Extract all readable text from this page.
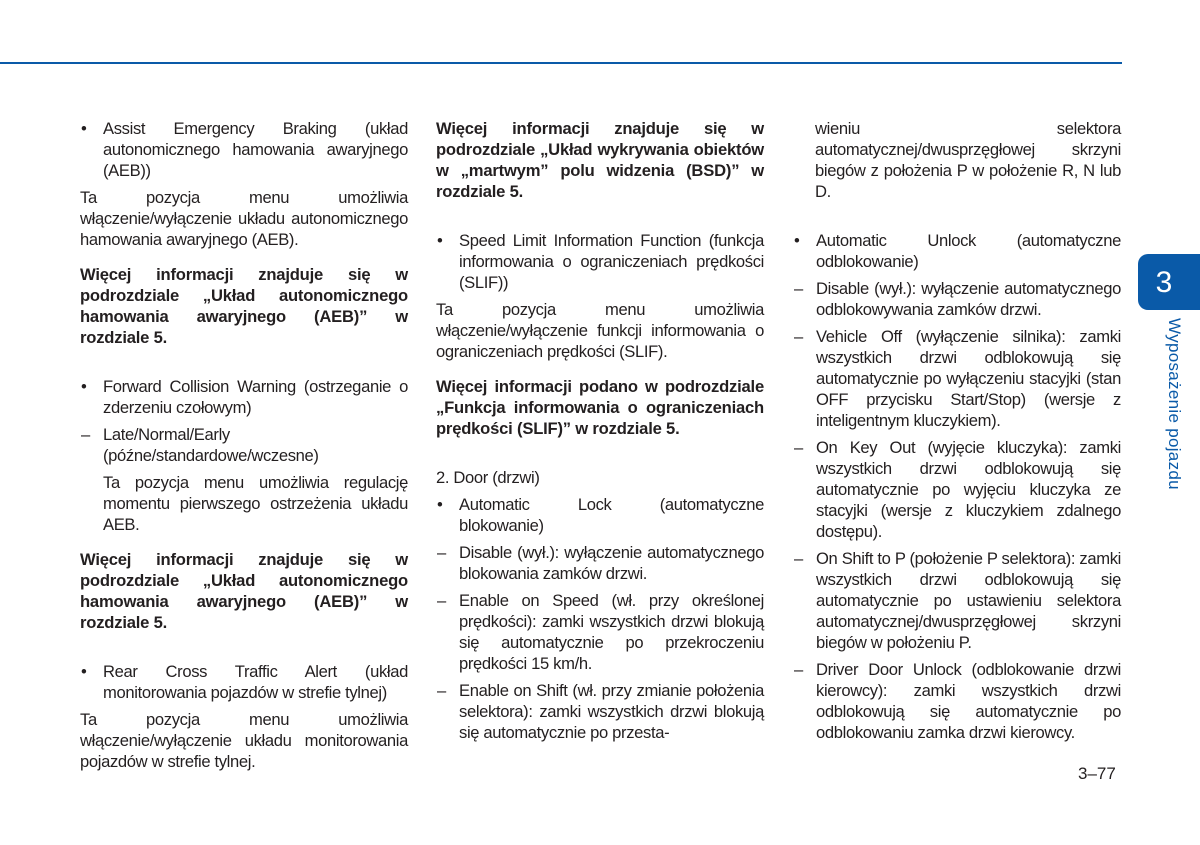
• Assist Emergency Braking (układ autonomicznego hamowania awaryjnego (AEB))
Ta pozycja menu umożliwia włączenie/wyłączenie układu autonomicznego hamowania awaryjnego (AEB).
Więcej informacji znajduje się w podrozdziale „Układ autonomicznego hamowania awaryjnego (AEB)” w rozdziale 5.
• Forward Collision Warning (ostrzeganie o zderzeniu czołowym)
– Late/Normal/Early (późne/standardowe/wczesne)
Ta pozycja menu umożliwia regulację momentu pierwszego ostrzeżenia układu AEB.
Więcej informacji znajduje się w podrozdziale „Układ autonomicznego hamowania awaryjnego (AEB)” w rozdziale 5.
• Rear Cross Traffic Alert (układ monitorowania pojazdów w strefie tylnej)
Ta pozycja menu umożliwia włączenie/wyłączenie układu monitorowania pojazdów w strefie tylnej.
Więcej informacji znajduje się w podrozdziale „Układ wykrywania obiektów w „martwym” polu widzenia (BSD)” w rozdziale 5.
• Speed Limit Information Function (funkcja informowania o ograniczeniach prędkości (SLIF))
Ta pozycja menu umożliwia włączenie/wyłączenie funkcji informowania o ograniczeniach prędkości (SLIF).
Więcej informacji podano w podrozdziale „Funkcja informowania o ograniczeniach prędkości (SLIF)” w rozdziale 5.
2. Door (drzwi)
• Automatic Lock (automatyczne blokowanie)
– Disable (wył.): wyłączenie automatycznego blokowania zamków drzwi.
– Enable on Speed (wł. przy określonej prędkości): zamki wszystkich drzwi blokują się automatycznie po przekroczeniu prędkości 15 km/h.
– Enable on Shift (wł. przy zmianie położenia selektora): zamki wszystkich drzwi blokują się automatycznie po przesta-
wieniu selektora automatycznej/dwusprzęgłowej skrzyni biegów z położenia P w położenie R, N lub D.
• Automatic Unlock (automatyczne odblokowanie)
– Disable (wył.): wyłączenie automatycznego odblokowywania zamków drzwi.
– Vehicle Off (wyłączenie silnika): zamki wszystkich drzwi odblokowują się automatycznie po wyłączeniu stacyjki (stan OFF przycisku Start/Stop) (wersje z inteligentnym kluczykiem).
– On Key Out (wyjęcie kluczyka): zamki wszystkich drzwi odblokowują się automatycznie po wyjęciu kluczyka ze stacyjki (wersje z kluczykiem zdalnego dostępu).
– On Shift to P (położenie P selektora): zamki wszystkich drzwi odblokowują się automatycznie po ustawieniu selektora automatycznej/dwusprzęgłowej skrzyni biegów w położeniu P.
– Driver Door Unlock (odblokowanie drzwi kierowcy): zamki wszystkich drzwi odblokowują się automatycznie po odblokowaniu zamka drzwi kierowcy.
3
Wyposażenie pojazdu
3–77
